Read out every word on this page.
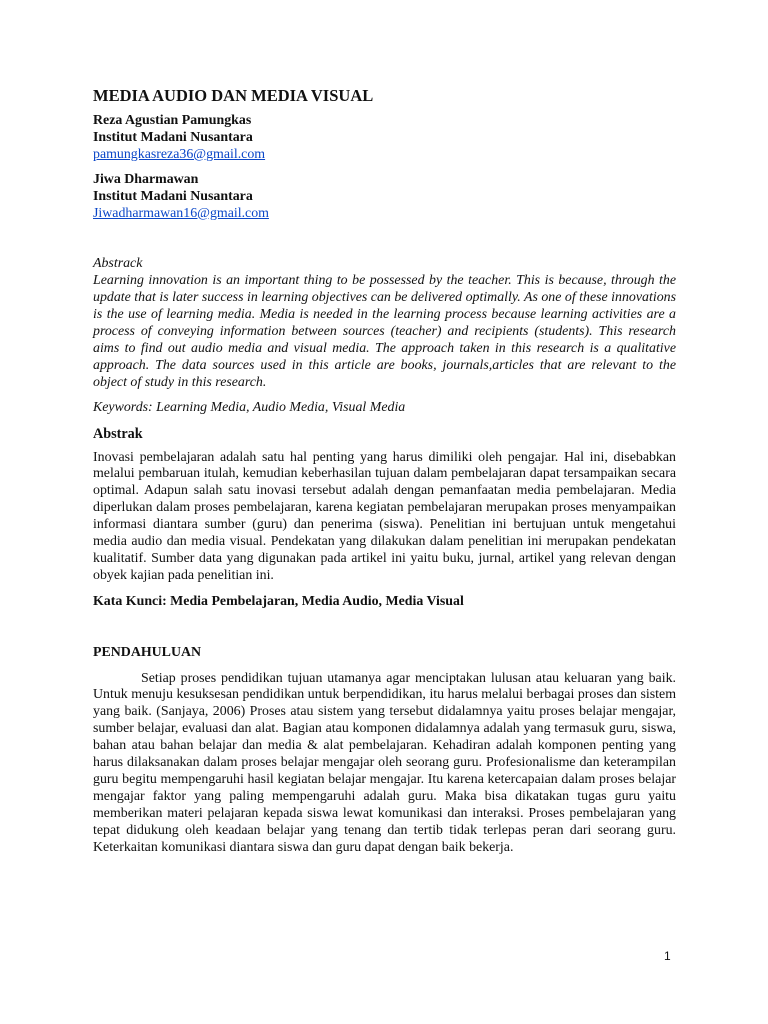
MEDIA AUDIO DAN MEDIA VISUAL
Reza Agustian Pamungkas
Institut Madani Nusantara
pamungkasreza36@gmail.com
Jiwa Dharmawan
Institut Madani Nusantara
Jiwadharmawan16@gmail.com
Abstrack
Learning innovation is an important thing to be possessed by the teacher. This is because, through the update that is later success in learning objectives can be delivered optimally. As one of these innovations is the use of learning media. Media is needed in the learning process because learning activities are a process of conveying information between sources (teacher) and recipients (students). This research aims to find out audio media and visual media. The approach taken in this research is a qualitative approach. The data sources used in this article are books, journals,articles that are relevant to the object of study in this research.
Keywords: Learning Media, Audio Media, Visual Media
Abstrak
Inovasi pembelajaran adalah satu hal penting yang harus dimiliki oleh pengajar. Hal ini, disebabkan melalui pembaruan itulah, kemudian keberhasilan tujuan dalam pembelajaran dapat tersampaikan secara optimal. Adapun salah satu inovasi tersebut adalah dengan pemanfaatan media pembelajaran. Media diperlukan dalam proses pembelajaran, karena kegiatan pembelajaran merupakan proses menyampaikan informasi diantara sumber (guru) dan penerima (siswa). Penelitian ini bertujuan untuk mengetahui media audio dan media visual. Pendekatan yang dilakukan dalam penelitian ini merupakan pendekatan kualitatif. Sumber data yang digunakan pada artikel ini yaitu buku, jurnal, artikel yang relevan dengan obyek kajian pada penelitian ini.
Kata Kunci: Media Pembelajaran, Media Audio, Media Visual
PENDAHULUAN
Setiap proses pendidikan tujuan utamanya agar menciptakan lulusan atau keluaran yang baik. Untuk menuju kesuksesan pendidikan untuk berpendidikan, itu harus melalui berbagai proses dan sistem yang baik. (Sanjaya, 2006) Proses atau sistem yang tersebut didalamnya yaitu proses belajar mengajar, sumber belajar, evaluasi dan alat. Bagian atau komponen didalamnya adalah yang termasuk guru, siswa, bahan atau bahan belajar dan media & alat pembelajaran. Kehadiran adalah komponen penting yang harus dilaksanakan dalam proses belajar mengajar oleh seorang guru. Profesionalisme dan keterampilan guru begitu mempengaruhi hasil kegiatan belajar mengajar. Itu karena ketercapaian dalam proses belajar mengajar faktor yang paling mempengaruhi adalah guru. Maka bisa dikatakan tugas guru yaitu memberikan materi pelajaran kepada siswa lewat komunikasi dan interaksi. Proses pembelajaran yang tepat didukung oleh keadaan belajar yang tenang dan tertib tidak terlepas peran dari seorang guru. Keterkaitan komunikasi diantara siswa dan guru dapat dengan baik bekerja.
1
